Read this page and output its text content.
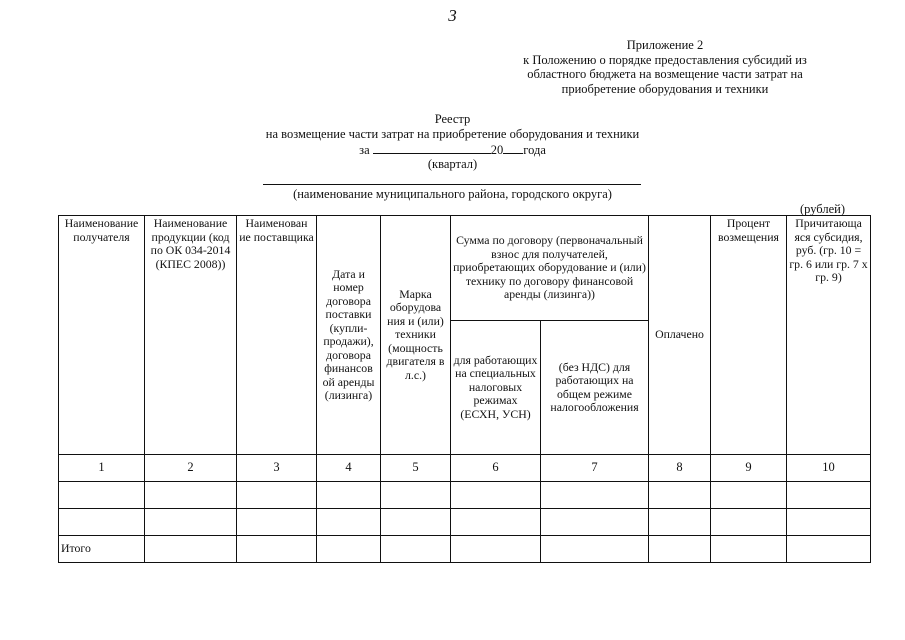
3
Приложение 2
к Положению о порядке предоставления субсидий из
областного бюджета на возмещение части затрат на
приобретение оборудования и техники
Реестр
на возмещение части затрат на приобретение оборудования и техники
за	20 года
(квартал)
(наименование муниципального района, городского округа)
(рублей)
Наименование получателя	Наименование продукции (код по ОК 034-2014 (КПЕС 2008))	Наименован ие поставщика	Дата и номер договора поставки (купли-продажи), договора финансов ой аренды (лизинга)	Марка оборудова ния и (или) техники (мощность двигателя в л.с.)	Сумма по договору (первоначальный взнос для получателей, приобретающих оборудование и (или) технику по договору финансовой аренды (лизинга))		Оплачено	Процент возмещения	Причитающа яся субсидия, руб. (гр. 10 = гр. 6 или гр. 7 х гр. 9)
					для работающих на специальных налоговых режимах (ЕСХН, УСН)	(без НДС) для работающих на общем режиме налогообложения			
1	2	3	4	5	6	7	8	9	10

Итого									
